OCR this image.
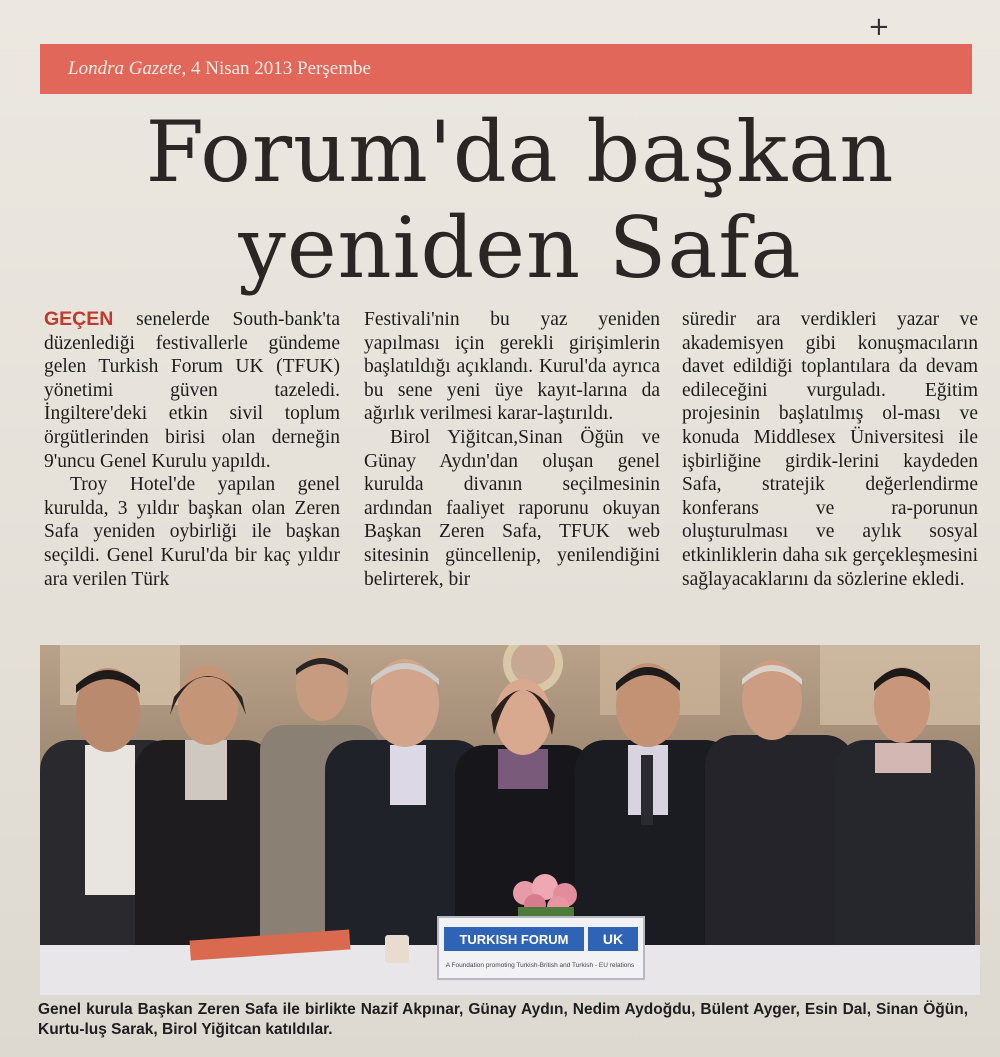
+
Londra Gazete, 4 Nisan 2013 Perşembe
Forum'da başkan
yeniden Safa

GEÇEN senelerde South-bank'ta düzenlediği festivallerle gündeme gelen Turkish Forum UK (TFUK) yönetimi güven tazeledi. İngiltere'deki etkin sivil toplum örgütlerinden birisi olan derneğin 9'uncu Genel Kurulu yapıldı.

Troy Hotel'de yapılan genel kurulda, 3 yıldır başkan olan Zeren Safa yeniden oybirliği ile başkan seçildi. Genel Kurul'da bir kaç yıldır ara verilen Türk

Festivali'nin bu yaz yeniden yapılması için gerekli girişimlerin başlatıldığı açıklandı. Kurul'da ayrıca bu sene yeni üye kayıt-larına da ağırlık verilmesi karar-laştırıldı.

Birol Yiğitcan,Sinan Öğün ve Günay Aydın'dan oluşan genel kurulda divanın seçilmesinin ardından faaliyet raporunu okuyan Başkan Zeren Safa, TFUK web sitesinin güncellenip, yenilendiğini belirterek, bir

süredir ara verdikleri yazar ve akademisyen gibi konuşmacıların davet edildiği toplantılara da devam edileceğini vurguladı. Eğitim projesinin başlatılmış ol-ması ve konuda Middlesex Üniversitesi ile işbirliğine girdik-lerini kaydeden Safa, stratejik değerlendirme konferans ve ra-porunun oluşturulması ve aylık sosyal etkinliklerin daha sık gerçekleşmesini sağlayacaklarını da sözlerine ekledi.

TURKISH FORUM UK
A Foundation promoting Turkish-British and Turkish - EU relations
Genel kurula Başkan Zeren Safa ile birlikte Nazif Akpınar, Günay Aydın, Nedim Aydoğdu, Bülent Ayger, Esin Dal, Sinan Öğün, Kurtu-luş Sarak, Birol Yiğitcan katıldılar.
